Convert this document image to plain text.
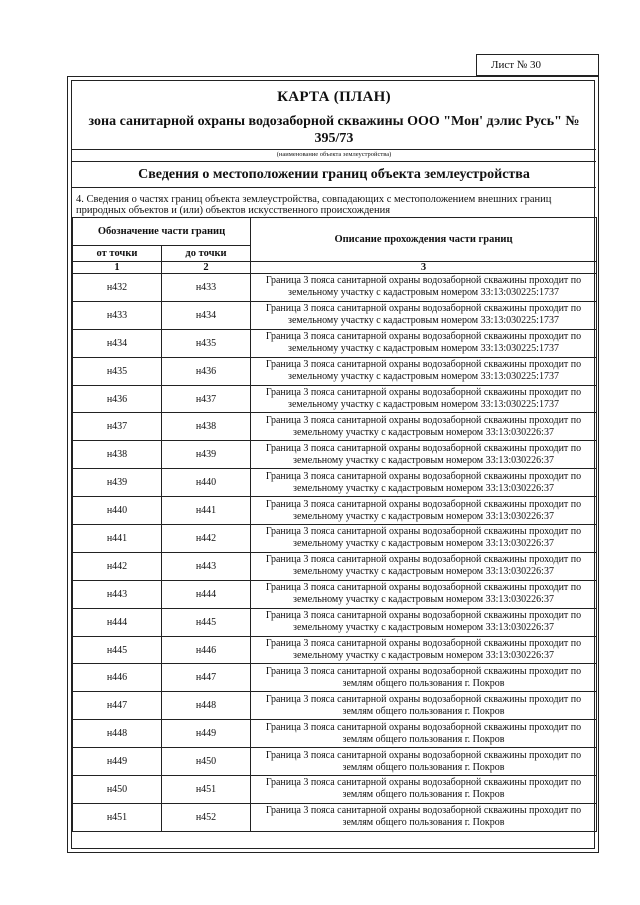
Лист № 30
КАРТА (ПЛАН)
зона санитарной охраны водозаборной скважины ООО "Мон' дэлис Русь" № 395/73
(наименование объекта землеустройства)
Сведения о местоположении границ объекта землеустройства
4. Сведения о частях границ объекта землеустройства, совпадающих с местоположением внешних границ природных объектов и (или) объектов искусственного происхождения
Обозначение части границ		Описание прохождения части границ
от точки	до точки	
1	2	3
н432	н433	Граница 3 пояса санитарной охраны водозаборной скважины проходит по земельному участку с кадастровым номером 33:13:030225:1737
н433	н434	Граница 3 пояса санитарной охраны водозаборной скважины проходит по земельному участку с кадастровым номером 33:13:030225:1737
н434	н435	Граница 3 пояса санитарной охраны водозаборной скважины проходит по земельному участку с кадастровым номером 33:13:030225:1737
н435	н436	Граница 3 пояса санитарной охраны водозаборной скважины проходит по земельному участку с кадастровым номером 33:13:030225:1737
н436	н437	Граница 3 пояса санитарной охраны водозаборной скважины проходит по земельному участку с кадастровым номером 33:13:030225:1737
н437	н438	Граница 3 пояса санитарной охраны водозаборной скважины проходит по земельному участку с кадастровым номером 33:13:030226:37
н438	н439	Граница 3 пояса санитарной охраны водозаборной скважины проходит по земельному участку с кадастровым номером 33:13:030226:37
н439	н440	Граница 3 пояса санитарной охраны водозаборной скважины проходит по земельному участку с кадастровым номером 33:13:030226:37
н440	н441	Граница 3 пояса санитарной охраны водозаборной скважины проходит по земельному участку с кадастровым номером 33:13:030226:37
н441	н442	Граница 3 пояса санитарной охраны водозаборной скважины проходит по земельному участку с кадастровым номером 33:13:030226:37
н442	н443	Граница 3 пояса санитарной охраны водозаборной скважины проходит по земельному участку с кадастровым номером 33:13:030226:37
н443	н444	Граница 3 пояса санитарной охраны водозаборной скважины проходит по земельному участку с кадастровым номером 33:13:030226:37
н444	н445	Граница 3 пояса санитарной охраны водозаборной скважины проходит по земельному участку с кадастровым номером 33:13:030226:37
н445	н446	Граница 3 пояса санитарной охраны водозаборной скважины проходит по земельному участку с кадастровым номером 33:13:030226:37
н446	н447	Граница 3 пояса санитарной охраны водозаборной скважины проходит по землям общего пользования г. Покров
н447	н448	Граница 3 пояса санитарной охраны водозаборной скважины проходит по землям общего пользования г. Покров
н448	н449	Граница 3 пояса санитарной охраны водозаборной скважины проходит по землям общего пользования г. Покров
н449	н450	Граница 3 пояса санитарной охраны водозаборной скважины проходит по землям общего пользования г. Покров
н450	н451	Граница 3 пояса санитарной охраны водозаборной скважины проходит по землям общего пользования г. Покров
н451	н452	Граница 3 пояса санитарной охраны водозаборной скважины проходит по землям общего пользования г. Покров
